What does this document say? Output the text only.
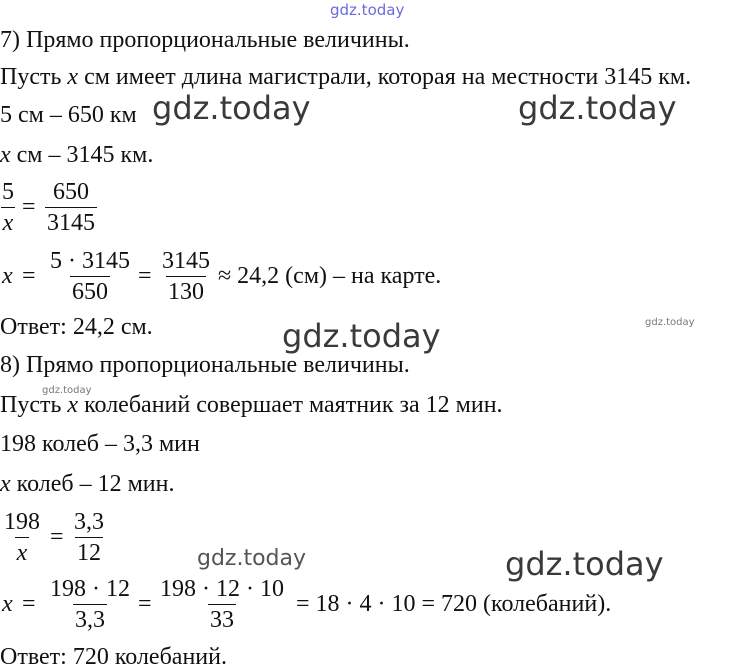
gdz.today
gdz.today	gdz.today
gdz.today	gdz.today
gdz.today
gdz.today	gdz.today
7) Прямо пропорциональные величины.
Пусть x см имеет длина магистрали, которая на местности 3145 км.
5 см – 650 км
x см – 3145 км.
$\frac{5}{x} = \frac{650}{3145}$
$x = \frac{5 \cdot 3145}{650} = \frac{3145}{130} \approx 24,2$ (см) – на карте.
Ответ: 24,2 см.
8) Прямо пропорциональные величины.
Пусть x колебаний совершает маятник за 12 мин.
198 колеб – 3,3 мин
x колеб – 12 мин.
$\frac{198}{x} = \frac{3,3}{12}$
$x = \frac{198 \cdot 12}{3,3} = \frac{198 \cdot 12 \cdot 10}{33} = 18 \cdot 4 \cdot 10 = 720$ (колебаний).
Ответ: 720 колебаний.
